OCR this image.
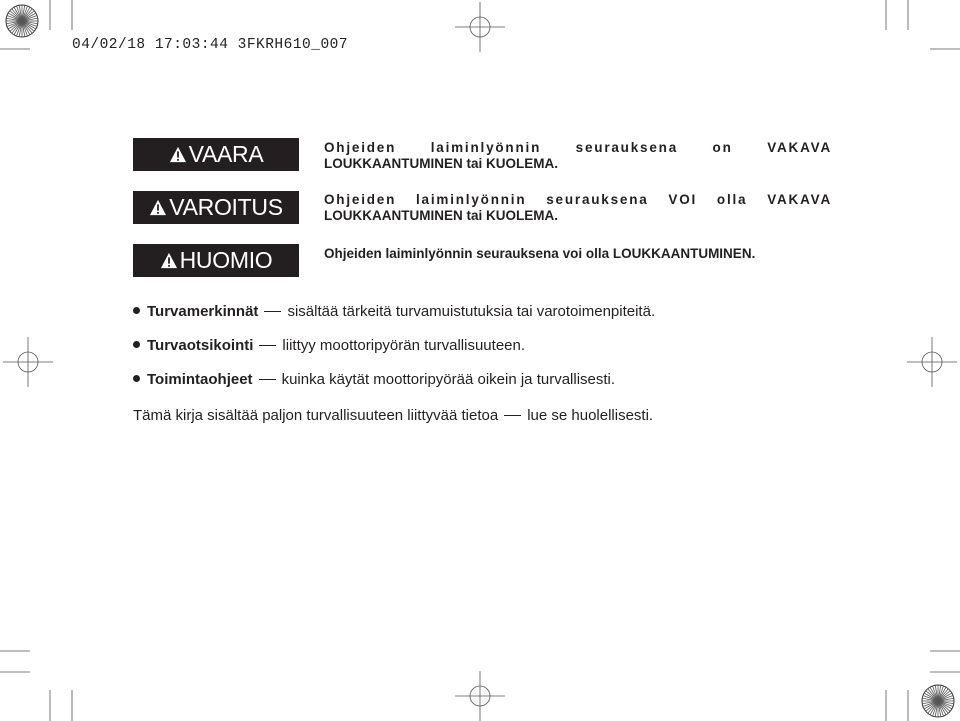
04/02/18 17:03:44 3FKRH610_007
VAARA
VAROITUS
HUOMIO
Ohjeiden laiminlyönnin seurauksena on VAKAVA
LOUKKAANTUMINEN tai KUOLEMA.
Ohjeiden laiminlyönnin seurauksena VOI olla VAKAVA
LOUKKAANTUMINEN tai KUOLEMA.
Ohjeiden laiminlyönnin seurauksena voi olla LOUKKAANTUMINEN.
Turvamerkinnät sisältää tärkeitä turvamuistutuksia tai varotoimenpiteitä.
Turvaotsikointi liittyy moottoripyörän turvallisuuteen.
Toimintaohjeet kuinka käytät moottoripyörää oikein ja turvallisesti.
Tämä kirja sisältää paljon turvallisuuteen liittyvää tietoa lue se huolellisesti.
